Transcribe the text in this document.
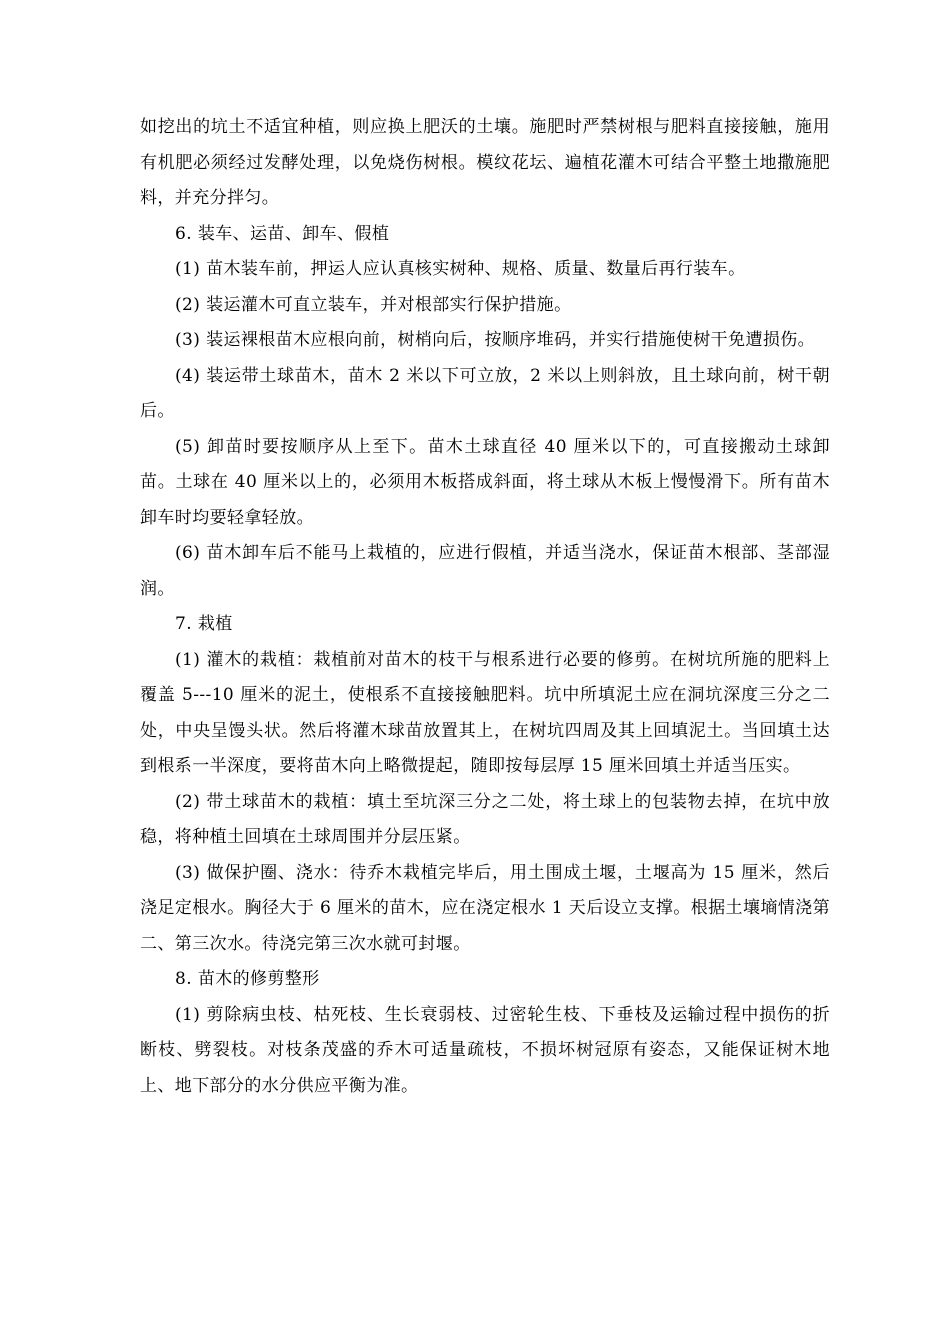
如挖出的坑土不适宜种植，则应换上肥沃的土壤。施肥时严禁树根与肥料直接接触，施用有机肥必须经过发酵处理，以免烧伤树根。模纹花坛、遍植花灌木可结合平整土地撒施肥料，并充分拌匀。

6. 装车、运苗、卸车、假植

(1) 苗木装车前，押运人应认真核实树种、规格、质量、数量后再行装车。

(2) 装运灌木可直立装车，并对根部实行保护措施。

(3) 装运裸根苗木应根向前，树梢向后，按顺序堆码，并实行措施使树干免遭损伤。

(4) 装运带土球苗木，苗木 2 米以下可立放，2 米以上则斜放，且土球向前，树干朝后。

(5) 卸苗时要按顺序从上至下。苗木土球直径 40 厘米以下的，可直接搬动土球卸苗。土球在 40 厘米以上的，必须用木板搭成斜面，将土球从木板上慢慢滑下。所有苗木卸车时均要轻拿轻放。

(6) 苗木卸车后不能马上栽植的，应进行假植，并适当浇水，保证苗木根部、茎部湿润。

7. 栽植

(1) 灌木的栽植：栽植前对苗木的枝干与根系进行必要的修剪。在树坑所施的肥料上覆盖 5---10 厘米的泥土，使根系不直接接触肥料。坑中所填泥土应在洞坑深度三分之二处，中央呈馒头状。然后将灌木球苗放置其上，在树坑四周及其上回填泥土。当回填土达到根系一半深度，要将苗木向上略微提起，随即按每层厚 15 厘米回填土并适当压实。

(2) 带土球苗木的栽植：填土至坑深三分之二处，将土球上的包装物去掉，在坑中放稳，将种植土回填在土球周围并分层压紧。

(3) 做保护圈、浇水：待乔木栽植完毕后，用土围成土堰，土堰高为 15 厘米，然后浇足定根水。胸径大于 6 厘米的苗木，应在浇定根水 1 天后设立支撑。根据土壤墒情浇第二、第三次水。待浇完第三次水就可封堰。

8. 苗木的修剪整形

(1) 剪除病虫枝、枯死枝、生长衰弱枝、过密轮生枝、下垂枝及运输过程中损伤的折断枝、劈裂枝。对枝条茂盛的乔木可适量疏枝，不损坏树冠原有姿态，又能保证树木地上、地下部分的水分供应平衡为准。
